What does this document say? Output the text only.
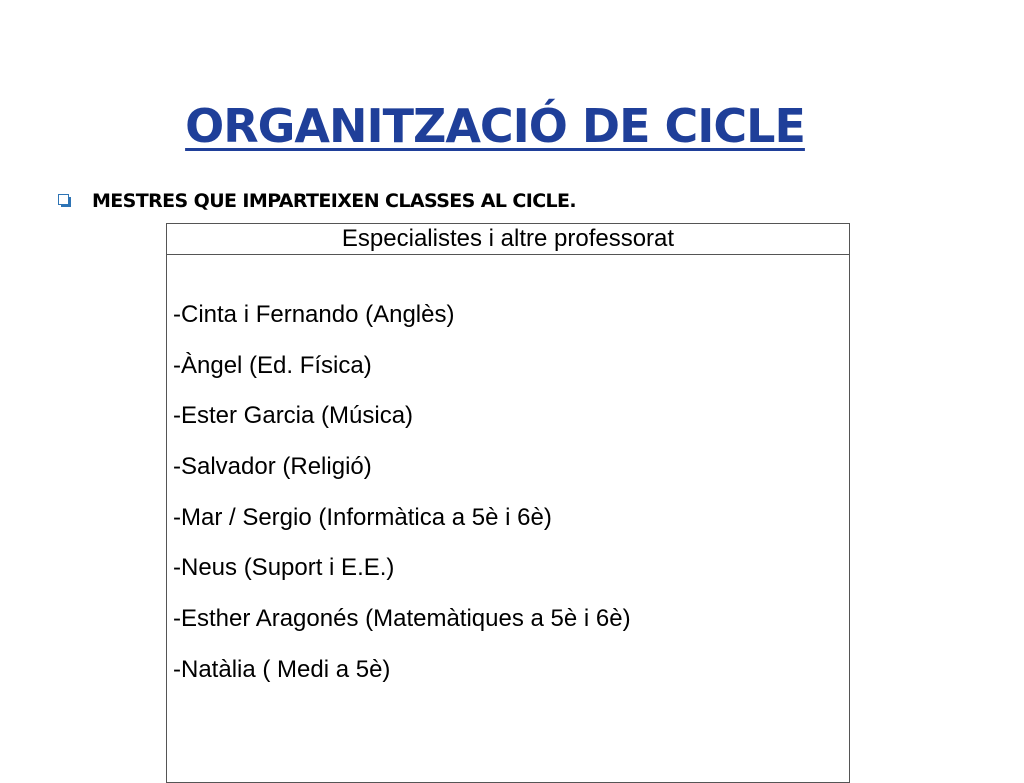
ORGANITZACIÓ DE CICLE
MESTRES QUE IMPARTEIXEN CLASSES AL CICLE.
Especialistes i altre professorat
-Cinta i Fernando (Anglès)
-Àngel (Ed. Física)
-Ester Garcia (Música)
-Salvador (Religió)
-Mar / Sergio (Informàtica a 5è i 6è)
-Neus (Suport i E.E.)
-Esther Aragonés (Matemàtiques a 5è i 6è)
-Natàlia ( Medi a 5è)
